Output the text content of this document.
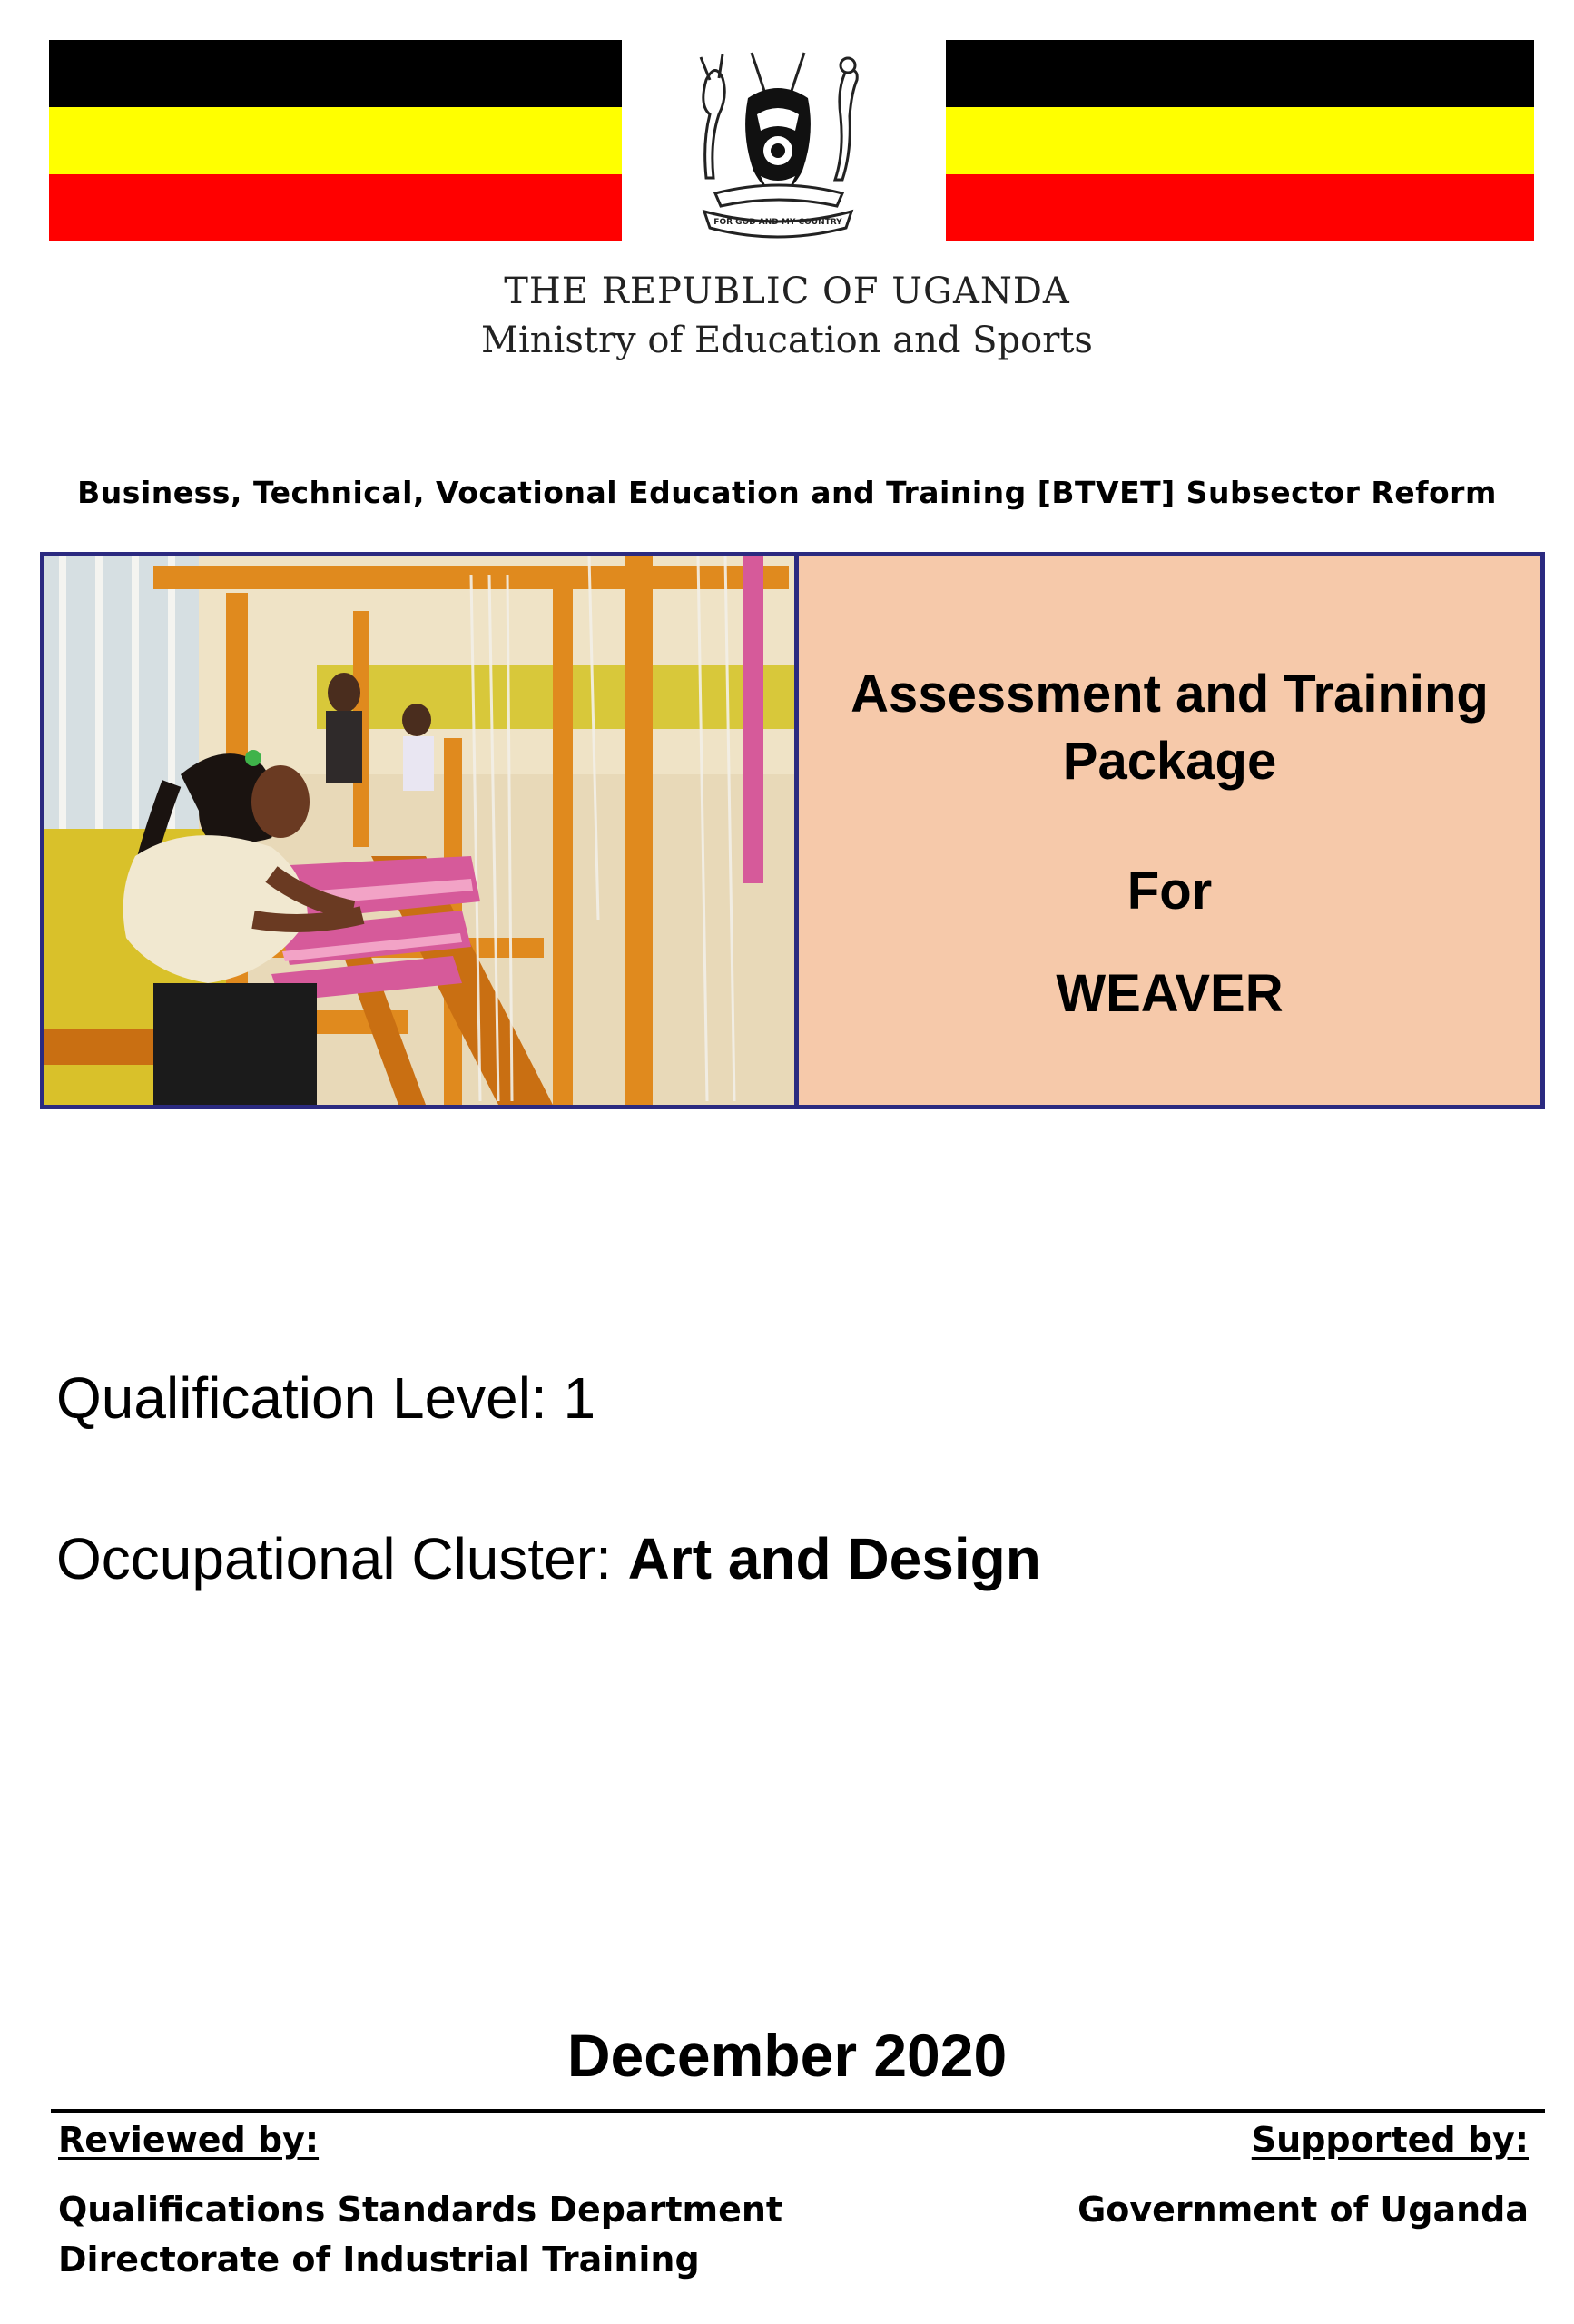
FOR GOD AND MY COUNTRY
THE REPUBLIC OF UGANDA
Ministry of Education and Sports
Business, Technical, Vocational Education and Training [BTVET] Subsector Reform
Assessment and Training
Package
For
WEAVER
Qualification Level: 1
Occupational Cluster: Art and Design
December 2020
Reviewed by:
Qualifications Standards Department
Directorate of Industrial Training
Supported by:
Government of Uganda
